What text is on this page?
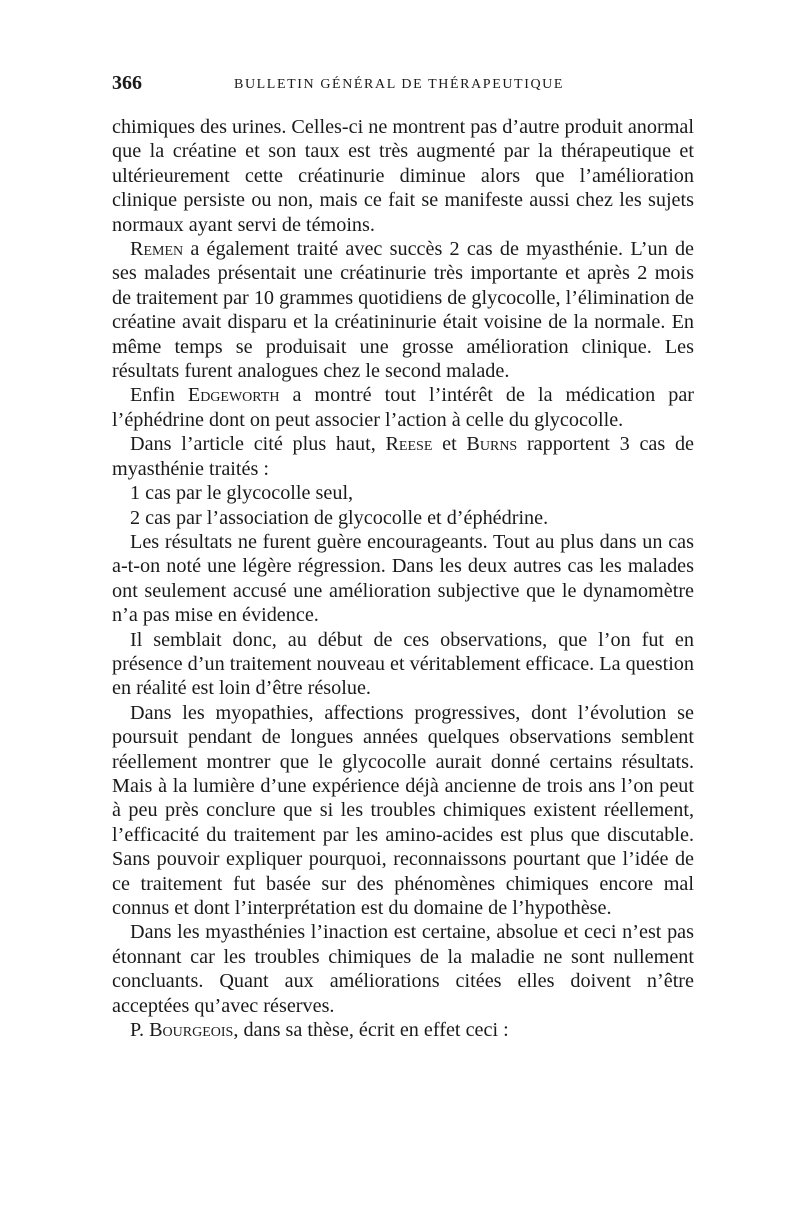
366	BULLETIN GÉNÉRAL DE THÉRAPEUTIQUE

chimiques des urines. Celles-ci ne montrent pas d’autre produit anormal que la créatine et son taux est très augmenté par la thérapeutique et ultérieurement cette créatinurie diminue alors que l’amélioration clinique persiste ou non, mais ce fait se manifeste aussi chez les sujets normaux ayant servi de témoins.

Remen a également traité avec succès 2 cas de myasthénie. L’un de ses malades présentait une créatinurie très importante et après 2 mois de traitement par 10 grammes quotidiens de glycocolle, l’élimination de créatine avait disparu et la créatininurie était voisine de la normale. En même temps se produisait une grosse amélioration clinique. Les résultats furent analogues chez le second malade.

Enfin Edgeworth a montré tout l’intérêt de la médication par l’éphédrine dont on peut associer l’action à celle du glycocolle.

Dans l’article cité plus haut, Reese et Burns rapportent 3 cas de myasthénie traités :

1 cas par le glycocolle seul,

2 cas par l’association de glycocolle et d’éphédrine.

Les résultats ne furent guère encourageants. Tout au plus dans un cas a-t-on noté une légère régression. Dans les deux autres cas les malades ont seulement accusé une amélioration subjective que le dynamomètre n’a pas mise en évidence.

Il semblait donc, au début de ces observations, que l’on fut en présence d’un traitement nouveau et véritablement efficace. La question en réalité est loin d’être résolue.

Dans les myopathies, affections progressives, dont l’évolution se poursuit pendant de longues années quelques observations semblent réellement montrer que le glycocolle aurait donné certains résultats. Mais à la lumière d’une expérience déjà ancienne de trois ans l’on peut à peu près conclure que si les troubles chimiques existent réellement, l’efficacité du traitement par les amino-acides est plus que discutable. Sans pouvoir expliquer pourquoi, reconnaissons pourtant que l’idée de ce traitement fut basée sur des phénomènes chimiques encore mal connus et dont l’interprétation est du domaine de l’hypothèse.

Dans les myasthénies l’inaction est certaine, absolue et ceci n’est pas étonnant car les troubles chimiques de la maladie ne sont nullement concluants. Quant aux améliorations citées elles doivent n’être acceptées qu’avec réserves.

P. Bourgeois, dans sa thèse, écrit en effet ceci :
